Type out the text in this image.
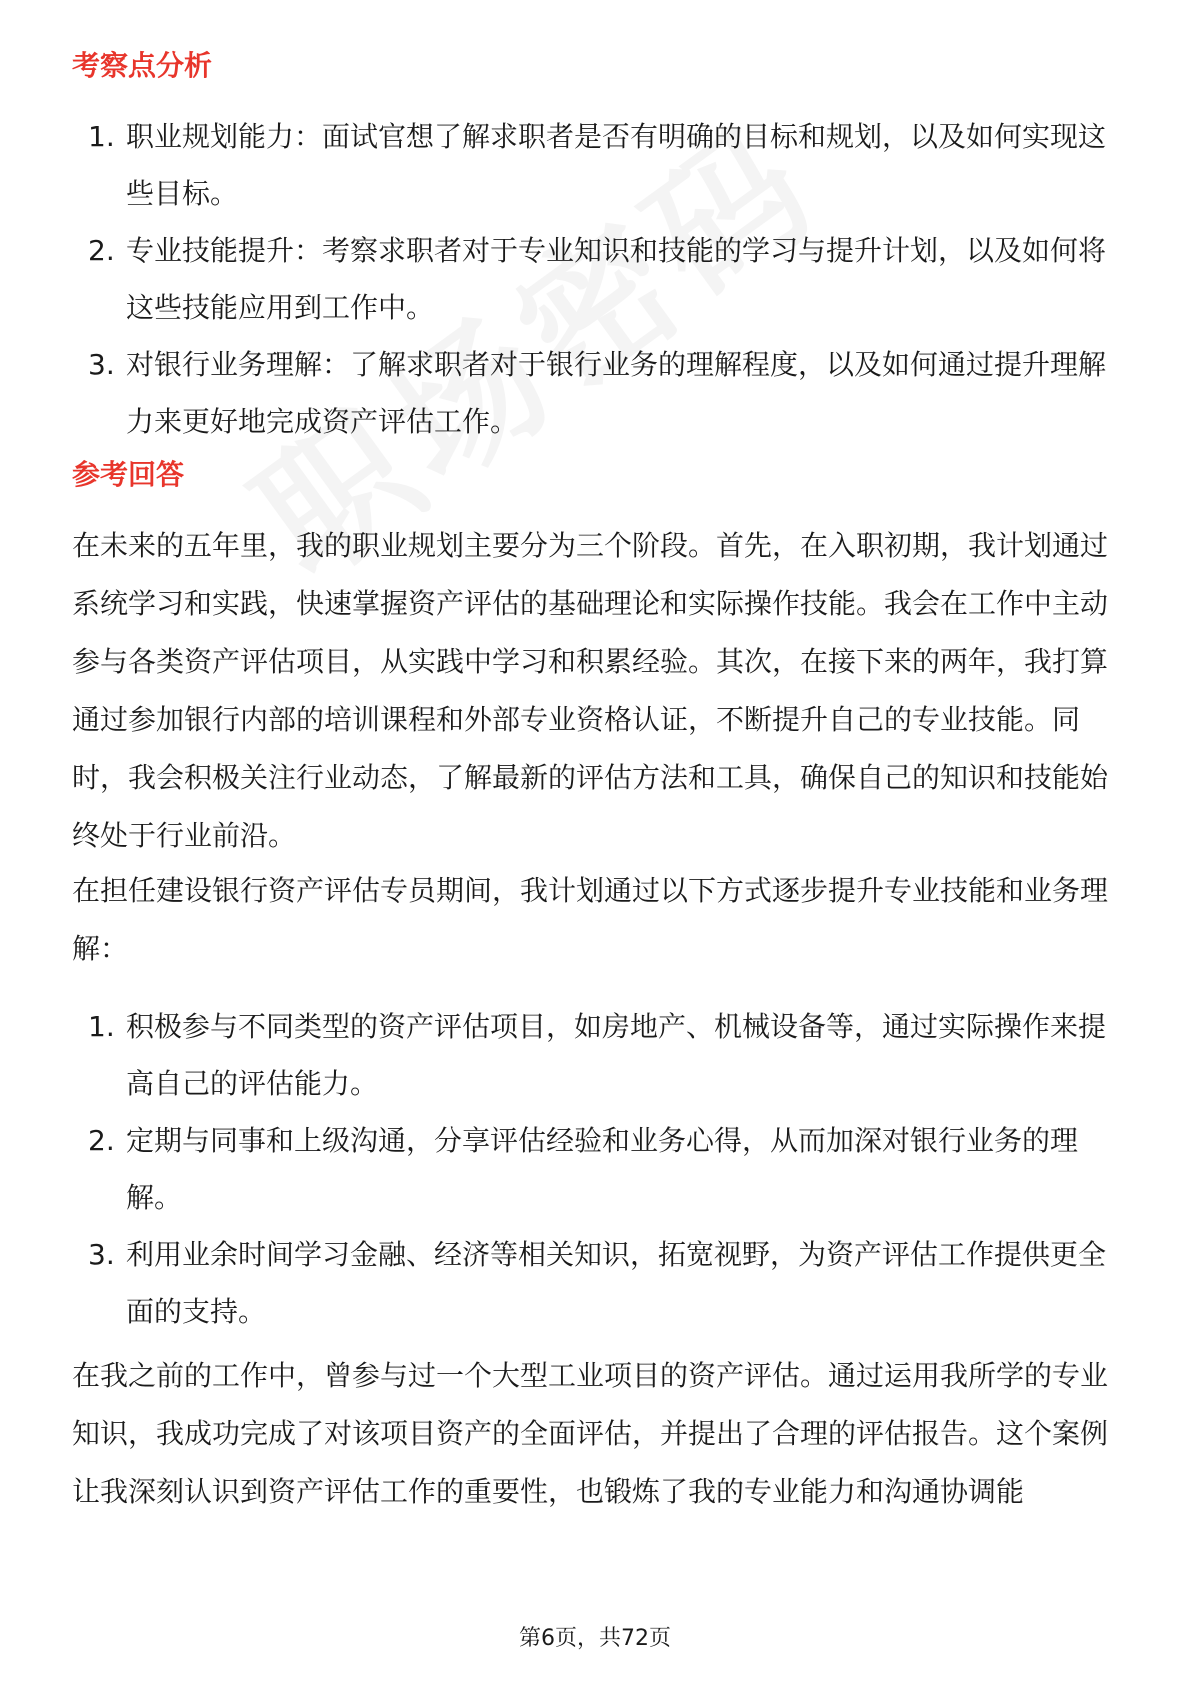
考察点分析
1. 职业规划能力：面试官想了解求职者是否有明确的目标和规划，以及如何实现这些目标。
2. 专业技能提升：考察求职者对于专业知识和技能的学习与提升计划，以及如何将这些技能应用到工作中。
3. 对银行业务理解：了解求职者对于银行业务的理解程度，以及如何通过提升理解力来更好地完成资产评估工作。
参考回答
在未来的五年里，我的职业规划主要分为三个阶段。首先，在入职初期，我计划通过系统学习和实践，快速掌握资产评估的基础理论和实际操作技能。我会在工作中主动参与各类资产评估项目，从实践中学习和积累经验。其次，在接下来的两年，我打算通过参加银行内部的培训课程和外部专业资格认证，不断提升自己的专业技能。同时，我会积极关注行业动态，了解最新的评估方法和工具，确保自己的知识和技能始终处于行业前沿。
在担任建设银行资产评估专员期间，我计划通过以下方式逐步提升专业技能和业务理解：
1. 积极参与不同类型的资产评估项目，如房地产、机械设备等，通过实际操作来提高自己的评估能力。
2. 定期与同事和上级沟通，分享评估经验和业务心得，从而加深对银行业务的理解。
3. 利用业余时间学习金融、经济等相关知识，拓宽视野，为资产评估工作提供更全面的支持。
在我之前的工作中，曾参与过一个大型工业项目的资产评估。通过运用我所学的专业知识，我成功完成了对该项目资产的全面评估，并提出了合理的评估报告。这个案例让我深刻认识到资产评估工作的重要性，也锻炼了我的专业能力和沟通协调能
第6页，共72页
